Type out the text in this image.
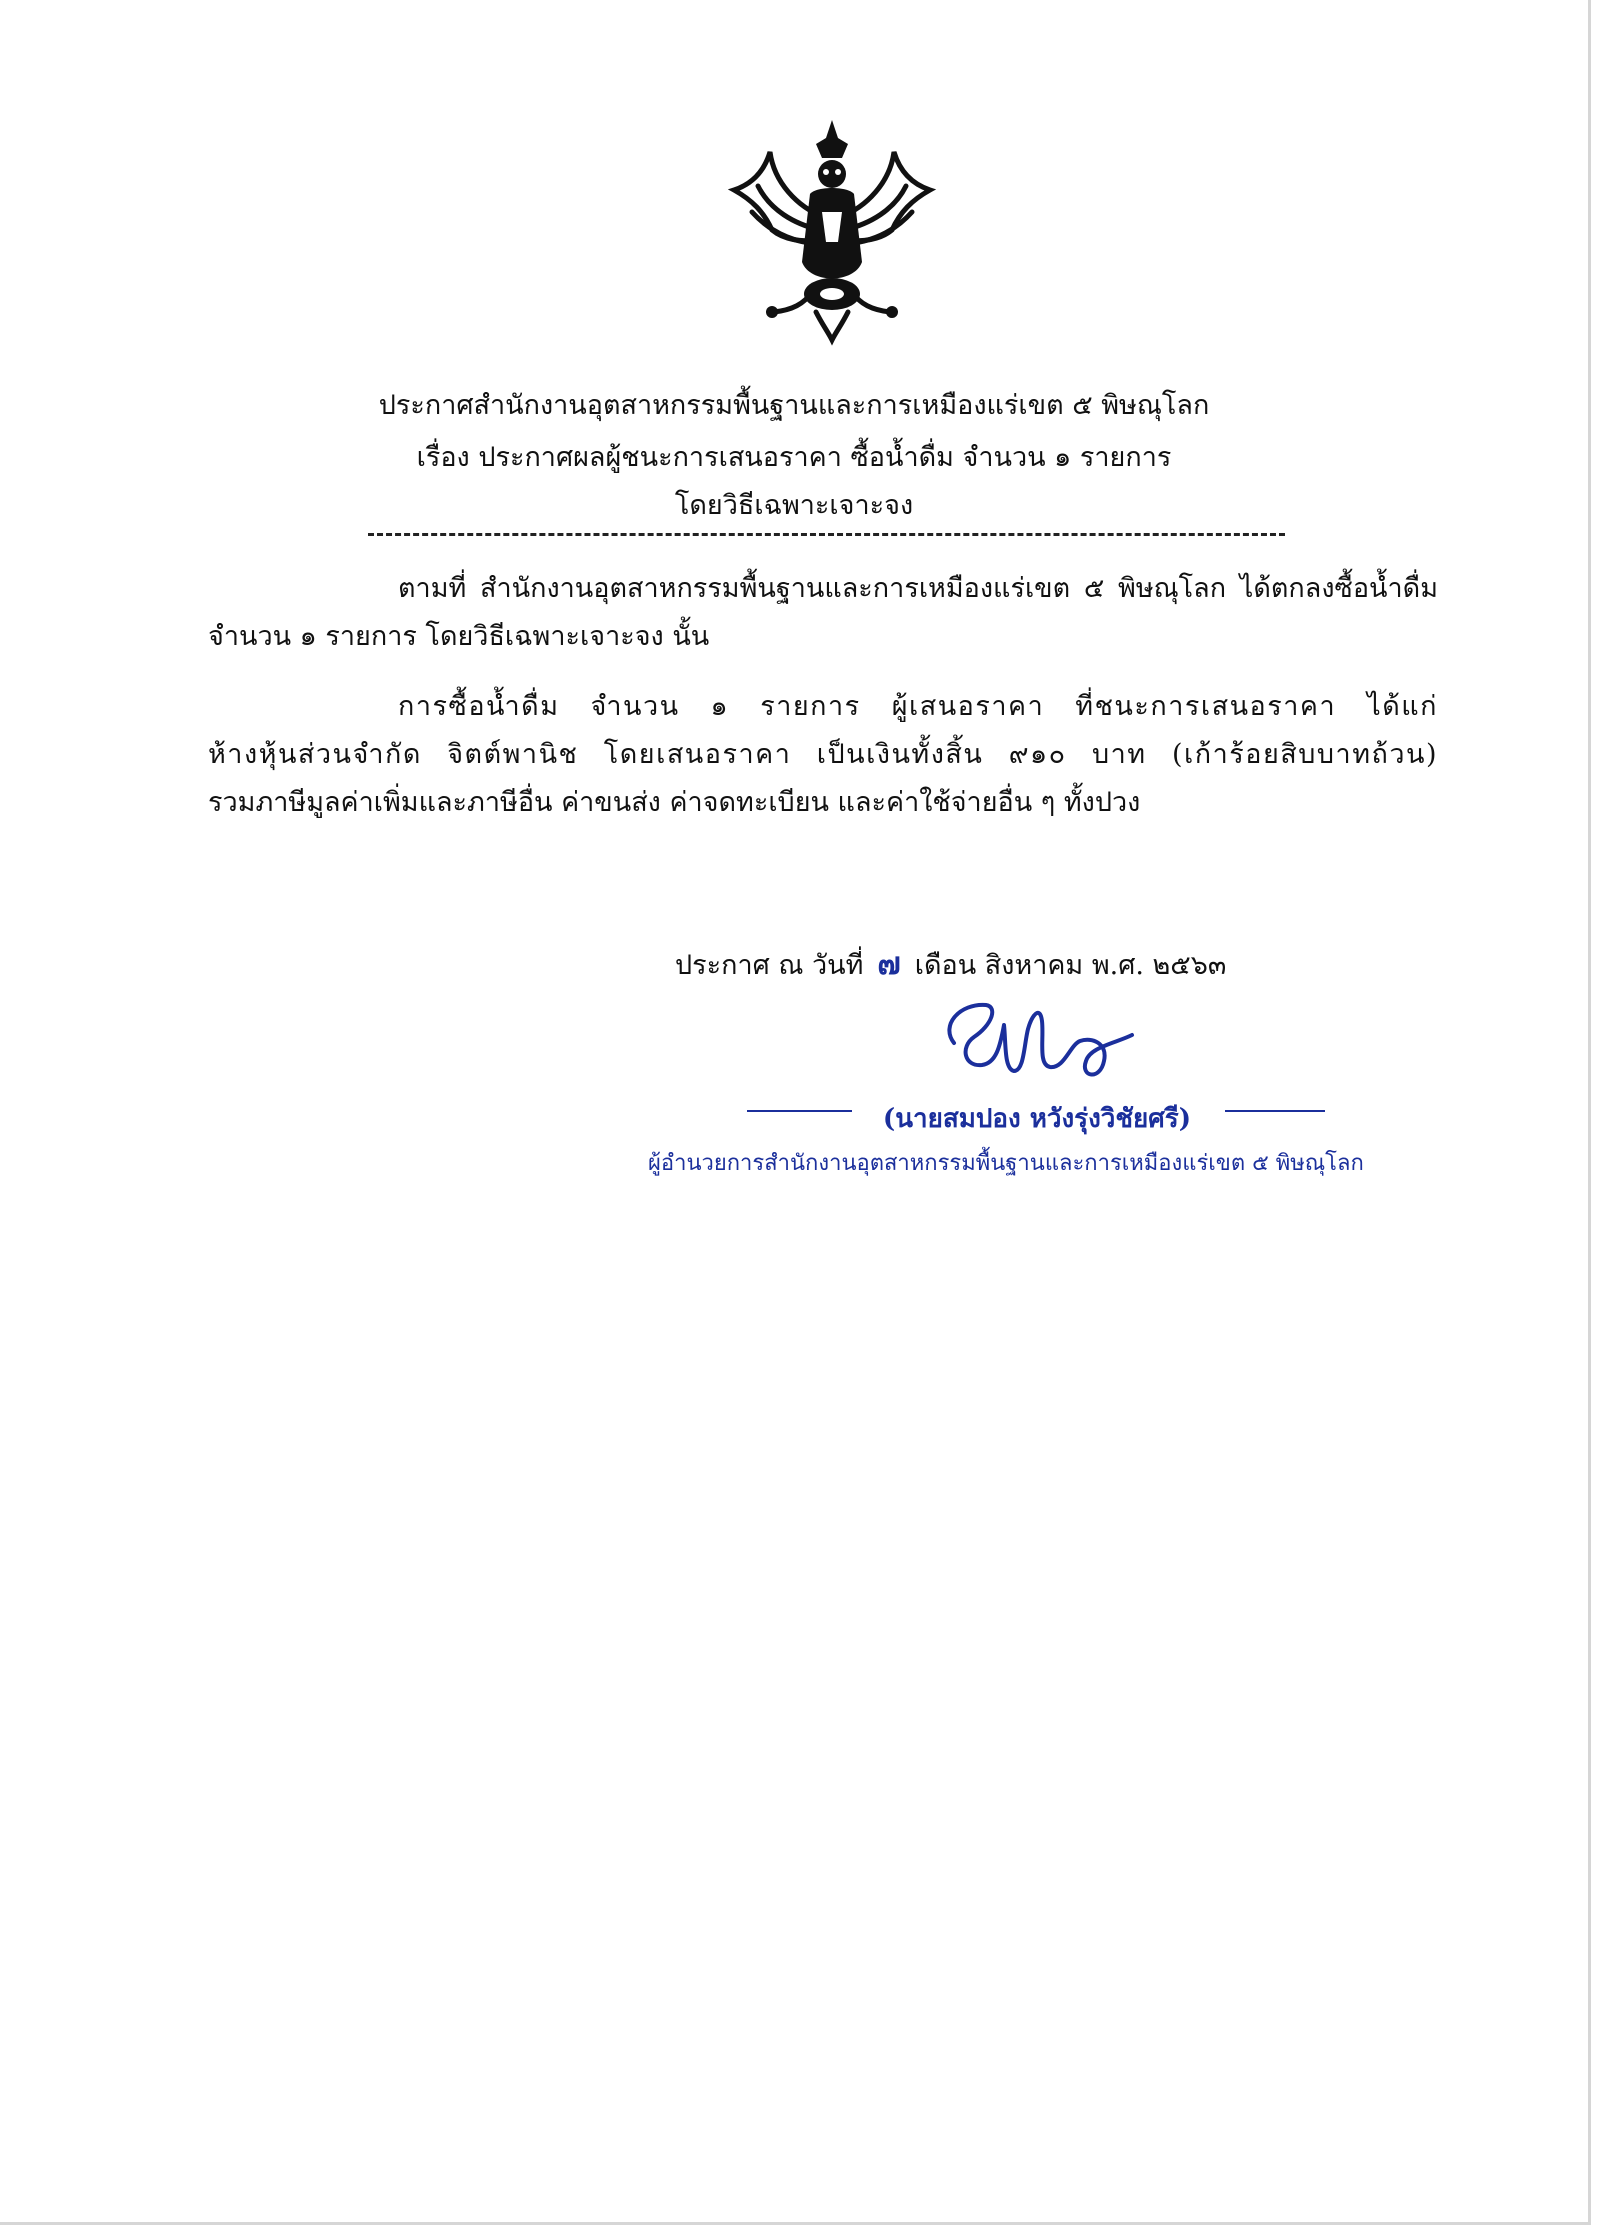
ประกาศสำนักงานอุตสาหกรรมพื้นฐานและการเหมืองแร่เขต ๕ พิษณุโลก
เรื่อง ประกาศผลผู้ชนะการเสนอราคา ซื้อน้ำดื่ม จำนวน ๑ รายการ
โดยวิธีเฉพาะเจาะจง
ตามที่ สำนักงานอุตสาหกรรมพื้นฐานและการเหมืองแร่เขต ๕ พิษณุโลก ได้ตกลงซื้อน้ำดื่ม
จำนวน ๑ รายการ โดยวิธีเฉพาะเจาะจง นั้น
การซื้อน้ำดื่ม จำนวน ๑ รายการ ผู้เสนอราคา ที่ชนะการเสนอราคา ได้แก่
ห้างหุ้นส่วนจำกัด จิตต์พานิช โดยเสนอราคา เป็นเงินทั้งสิ้น ๙๑๐ บาท (เก้าร้อยสิบบาทถ้วน)
รวมภาษีมูลค่าเพิ่มและภาษีอื่น ค่าขนส่ง ค่าจดทะเบียน และค่าใช้จ่ายอื่น ๆ ทั้งปวง
ประกาศ ณ วันที่ ๗ เดือน สิงหาคม พ.ศ. ๒๕๖๓
(นายสมปอง หวังรุ่งวิชัยศรี)
ผู้อำนวยการสำนักงานอุตสาหกรรมพื้นฐานและการเหมืองแร่เขต ๕ พิษณุโลก
